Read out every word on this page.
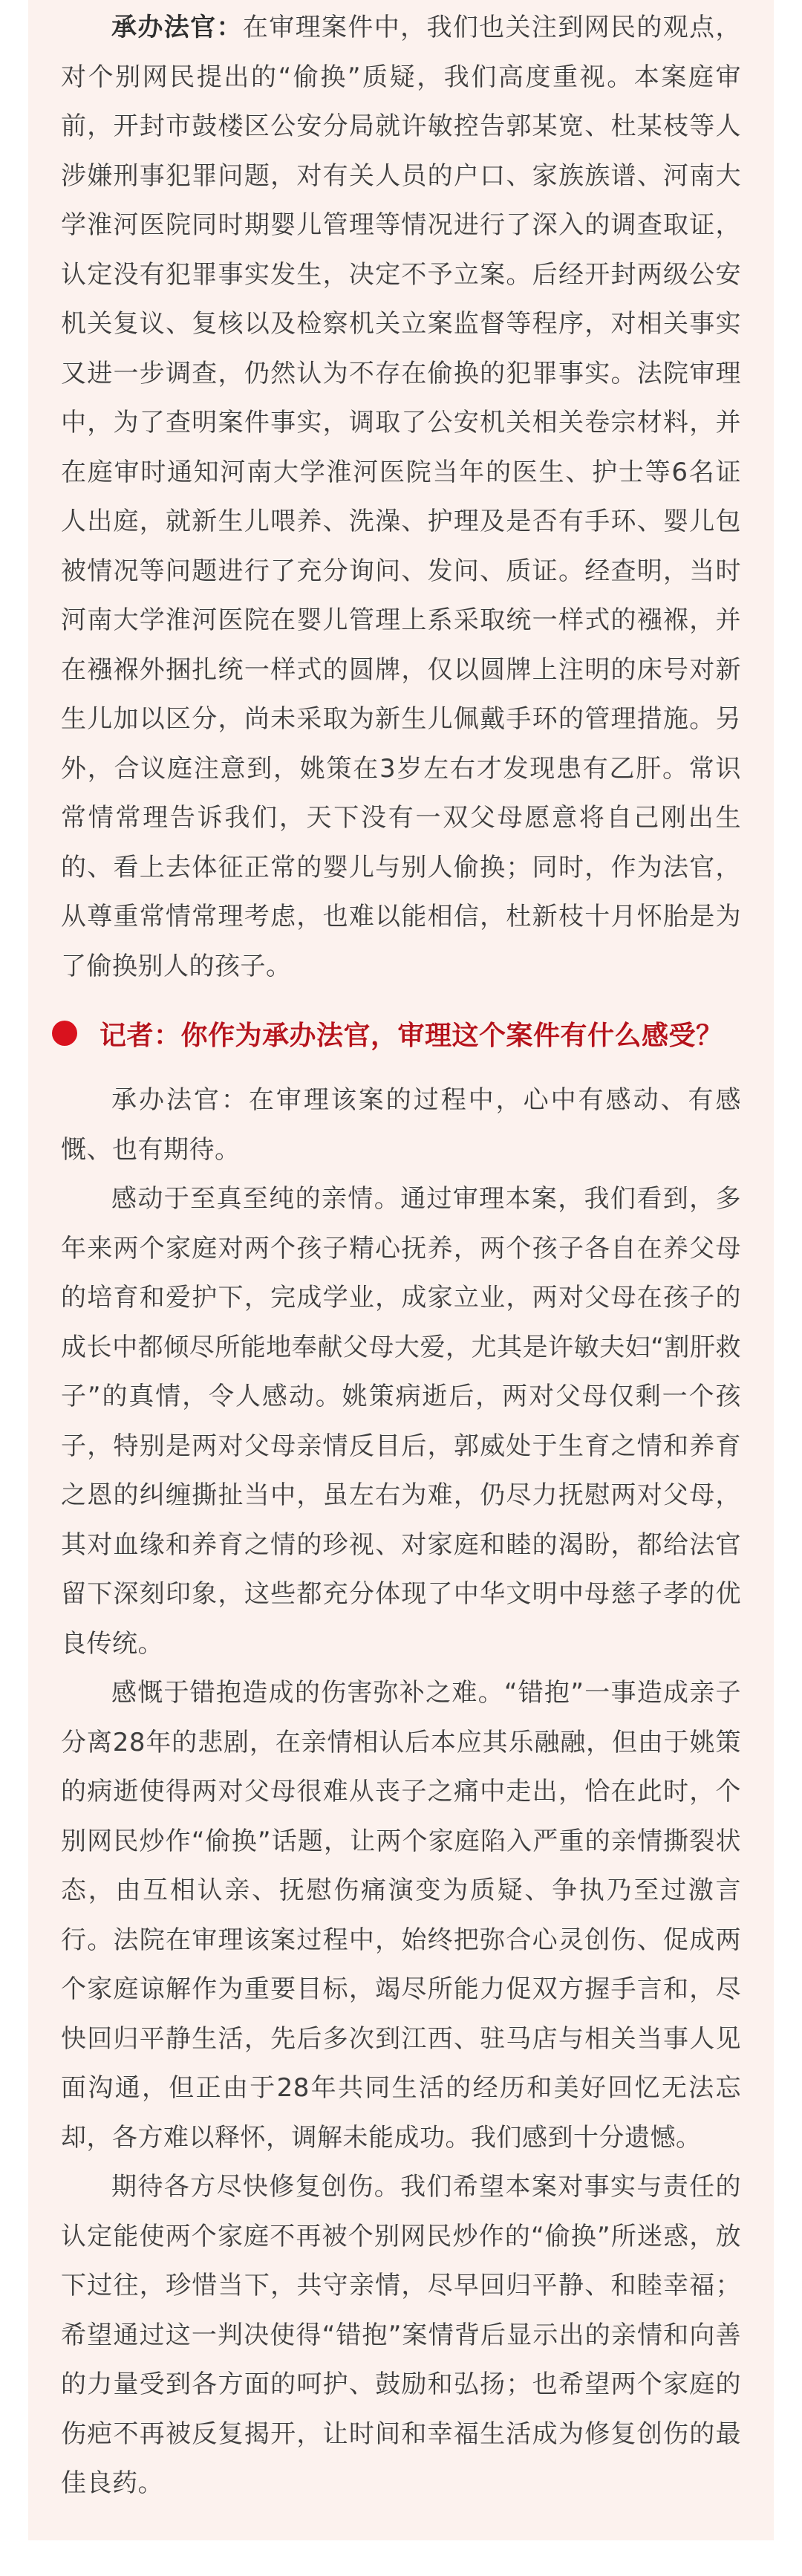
承办法官：在审理案件中，我们也关注到网民的观点，对个别网民提出的“偷换”质疑，我们高度重视。本案庭审前，开封市鼓楼区公安分局就许敏控告郭某宽、杜某枝等人涉嫌刑事犯罪问题，对有关人员的户口、家族族谱、河南大学淮河医院同时期婴儿管理等情况进行了深入的调查取证，认定没有犯罪事实发生，决定不予立案。后经开封两级公安机关复议、复核以及检察机关立案监督等程序，对相关事实又进一步调查，仍然认为不存在偷换的犯罪事实。法院审理中，为了查明案件事实，调取了公安机关相关卷宗材料，并在庭审时通知河南大学淮河医院当年的医生、护士等6名证人出庭，就新生儿喂养、洗澡、护理及是否有手环、婴儿包被情况等问题进行了充分询问、发问、质证。经查明，当时河南大学淮河医院在婴儿管理上系采取统一样式的襁褓，并在襁褓外捆扎统一样式的圆牌，仅以圆牌上注明的床号对新生儿加以区分，尚未采取为新生儿佩戴手环的管理措施。另外，合议庭注意到，姚策在3岁左右才发现患有乙肝。常识常情常理告诉我们，天下没有一双父母愿意将自己刚出生的、看上去体征正常的婴儿与别人偷换；同时，作为法官，从尊重常情常理考虑，也难以能相信，杜新枝十月怀胎是为了偷换别人的孩子。

记者：你作为承办法官，审理这个案件有什么感受？

承办法官：在审理该案的过程中，心中有感动、有感慨、也有期待。

感动于至真至纯的亲情。通过审理本案，我们看到，多年来两个家庭对两个孩子精心抚养，两个孩子各自在养父母的培育和爱护下，完成学业，成家立业，两对父母在孩子的成长中都倾尽所能地奉献父母大爱，尤其是许敏夫妇“割肝救子”的真情，令人感动。姚策病逝后，两对父母仅剩一个孩子，特别是两对父母亲情反目后，郭威处于生育之情和养育之恩的纠缠撕扯当中，虽左右为难，仍尽力抚慰两对父母，其对血缘和养育之情的珍视、对家庭和睦的渴盼，都给法官留下深刻印象，这些都充分体现了中华文明中母慈子孝的优良传统。

感慨于错抱造成的伤害弥补之难。“错抱”一事造成亲子分离28年的悲剧，在亲情相认后本应其乐融融，但由于姚策的病逝使得两对父母很难从丧子之痛中走出，恰在此时，个别网民炒作“偷换”话题，让两个家庭陷入严重的亲情撕裂状态，由互相认亲、抚慰伤痛演变为质疑、争执乃至过激言行。法院在审理该案过程中，始终把弥合心灵创伤、促成两个家庭谅解作为重要目标，竭尽所能力促双方握手言和，尽快回归平静生活，先后多次到江西、驻马店与相关当事人见面沟通，但正由于28年共同生活的经历和美好回忆无法忘却，各方难以释怀，调解未能成功。我们感到十分遗憾。

期待各方尽快修复创伤。我们希望本案对事实与责任的认定能使两个家庭不再被个别网民炒作的“偷换”所迷惑，放下过往，珍惜当下，共守亲情，尽早回归平静、和睦幸福；希望通过这一判决使得“错抱”案情背后显示出的亲情和向善的力量受到各方面的呵护、鼓励和弘扬；也希望两个家庭的伤疤不再被反复揭开，让时间和幸福生活成为修复创伤的最佳良药。
